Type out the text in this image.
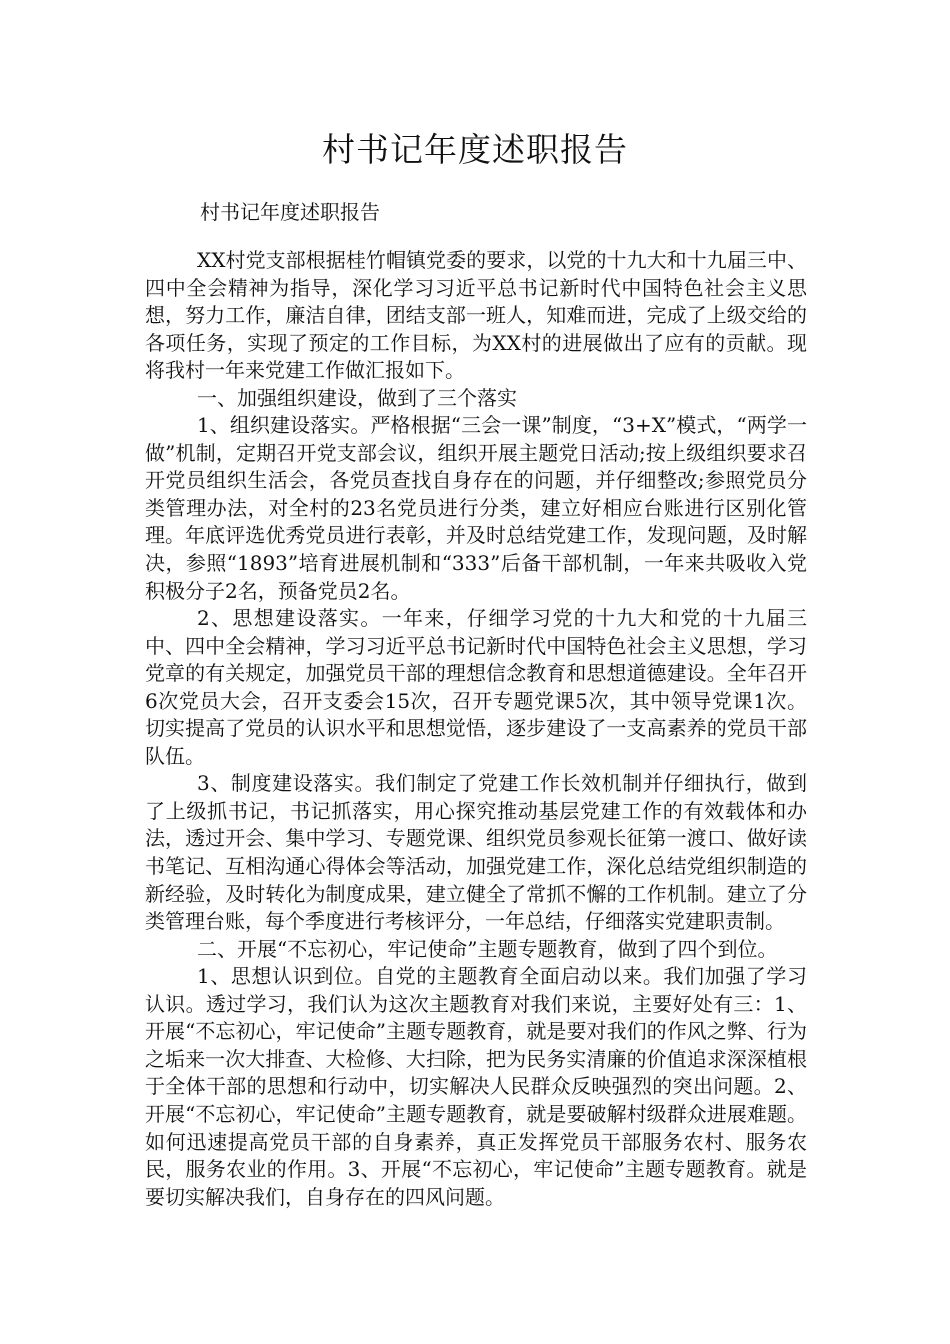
村书记年度述职报告

村书记年度述职报告

XX村党支部根据桂竹帽镇党委的要求，以党的十九大和十九届三中、四中全会精神为指导，深化学习习近平总书记新时代中国特色社会主义思想，努力工作，廉洁自律，团结支部一班人，知难而进，完成了上级交给的各项任务，实现了预定的工作目标，为XX村的进展做出了应有的贡献。现将我村一年来党建工作做汇报如下。

一、加强组织建设，做到了三个落实

1、组织建设落实。严格根据“三会一课”制度，“3+X”模式，“两学一做”机制，定期召开党支部会议，组织开展主题党日活动;按上级组织要求召开党员组织生活会，各党员查找自身存在的问题，并仔细整改;参照党员分类管理办法，对全村的23名党员进行分类，建立好相应台账进行区别化管理。年底评选优秀党员进行表彰，并及时总结党建工作，发现问题，及时解决，参照“1893”培育进展机制和“333”后备干部机制，一年来共吸收入党积极分子2名，预备党员2名。

2、思想建设落实。一年来，仔细学习党的十九大和党的十九届三中、四中全会精神，学习习近平总书记新时代中国特色社会主义思想，学习党章的有关规定，加强党员干部的理想信念教育和思想道德建设。全年召开6次党员大会，召开支委会15次，召开专题党课5次，其中领导党课1次。切实提高了党员的认识水平和思想觉悟，逐步建设了一支高素养的党员干部队伍。

3、制度建设落实。我们制定了党建工作长效机制并仔细执行，做到了上级抓书记，书记抓落实，用心探究推动基层党建工作的有效载体和办法，透过开会、集中学习、专题党课、组织党员参观长征第一渡口、做好读书笔记、互相沟通心得体会等活动，加强党建工作，深化总结党组织制造的新经验，及时转化为制度成果，建立健全了常抓不懈的工作机制。建立了分类管理台账，每个季度进行考核评分，一年总结，仔细落实党建职责制。

二、开展“不忘初心，牢记使命”主题专题教育，做到了四个到位。

1、思想认识到位。自党的主题教育全面启动以来。我们加强了学习认识。透过学习，我们认为这次主题教育对我们来说，主要好处有三：1、开展“不忘初心，牢记使命”主题专题教育，就是要对我们的作风之弊、行为之垢来一次大排查、大检修、大扫除，把为民务实清廉的价值追求深深植根于全体干部的思想和行动中，切实解决人民群众反映强烈的突出问题。2、开展“不忘初心，牢记使命”主题专题教育，就是要破解村级群众进展难题。如何迅速提高党员干部的自身素养，真正发挥党员干部服务农村、服务农民，服务农业的作用。3、开展“不忘初心，牢记使命”主题专题教育。就是要切实解决我们，自身存在的四风问题。
